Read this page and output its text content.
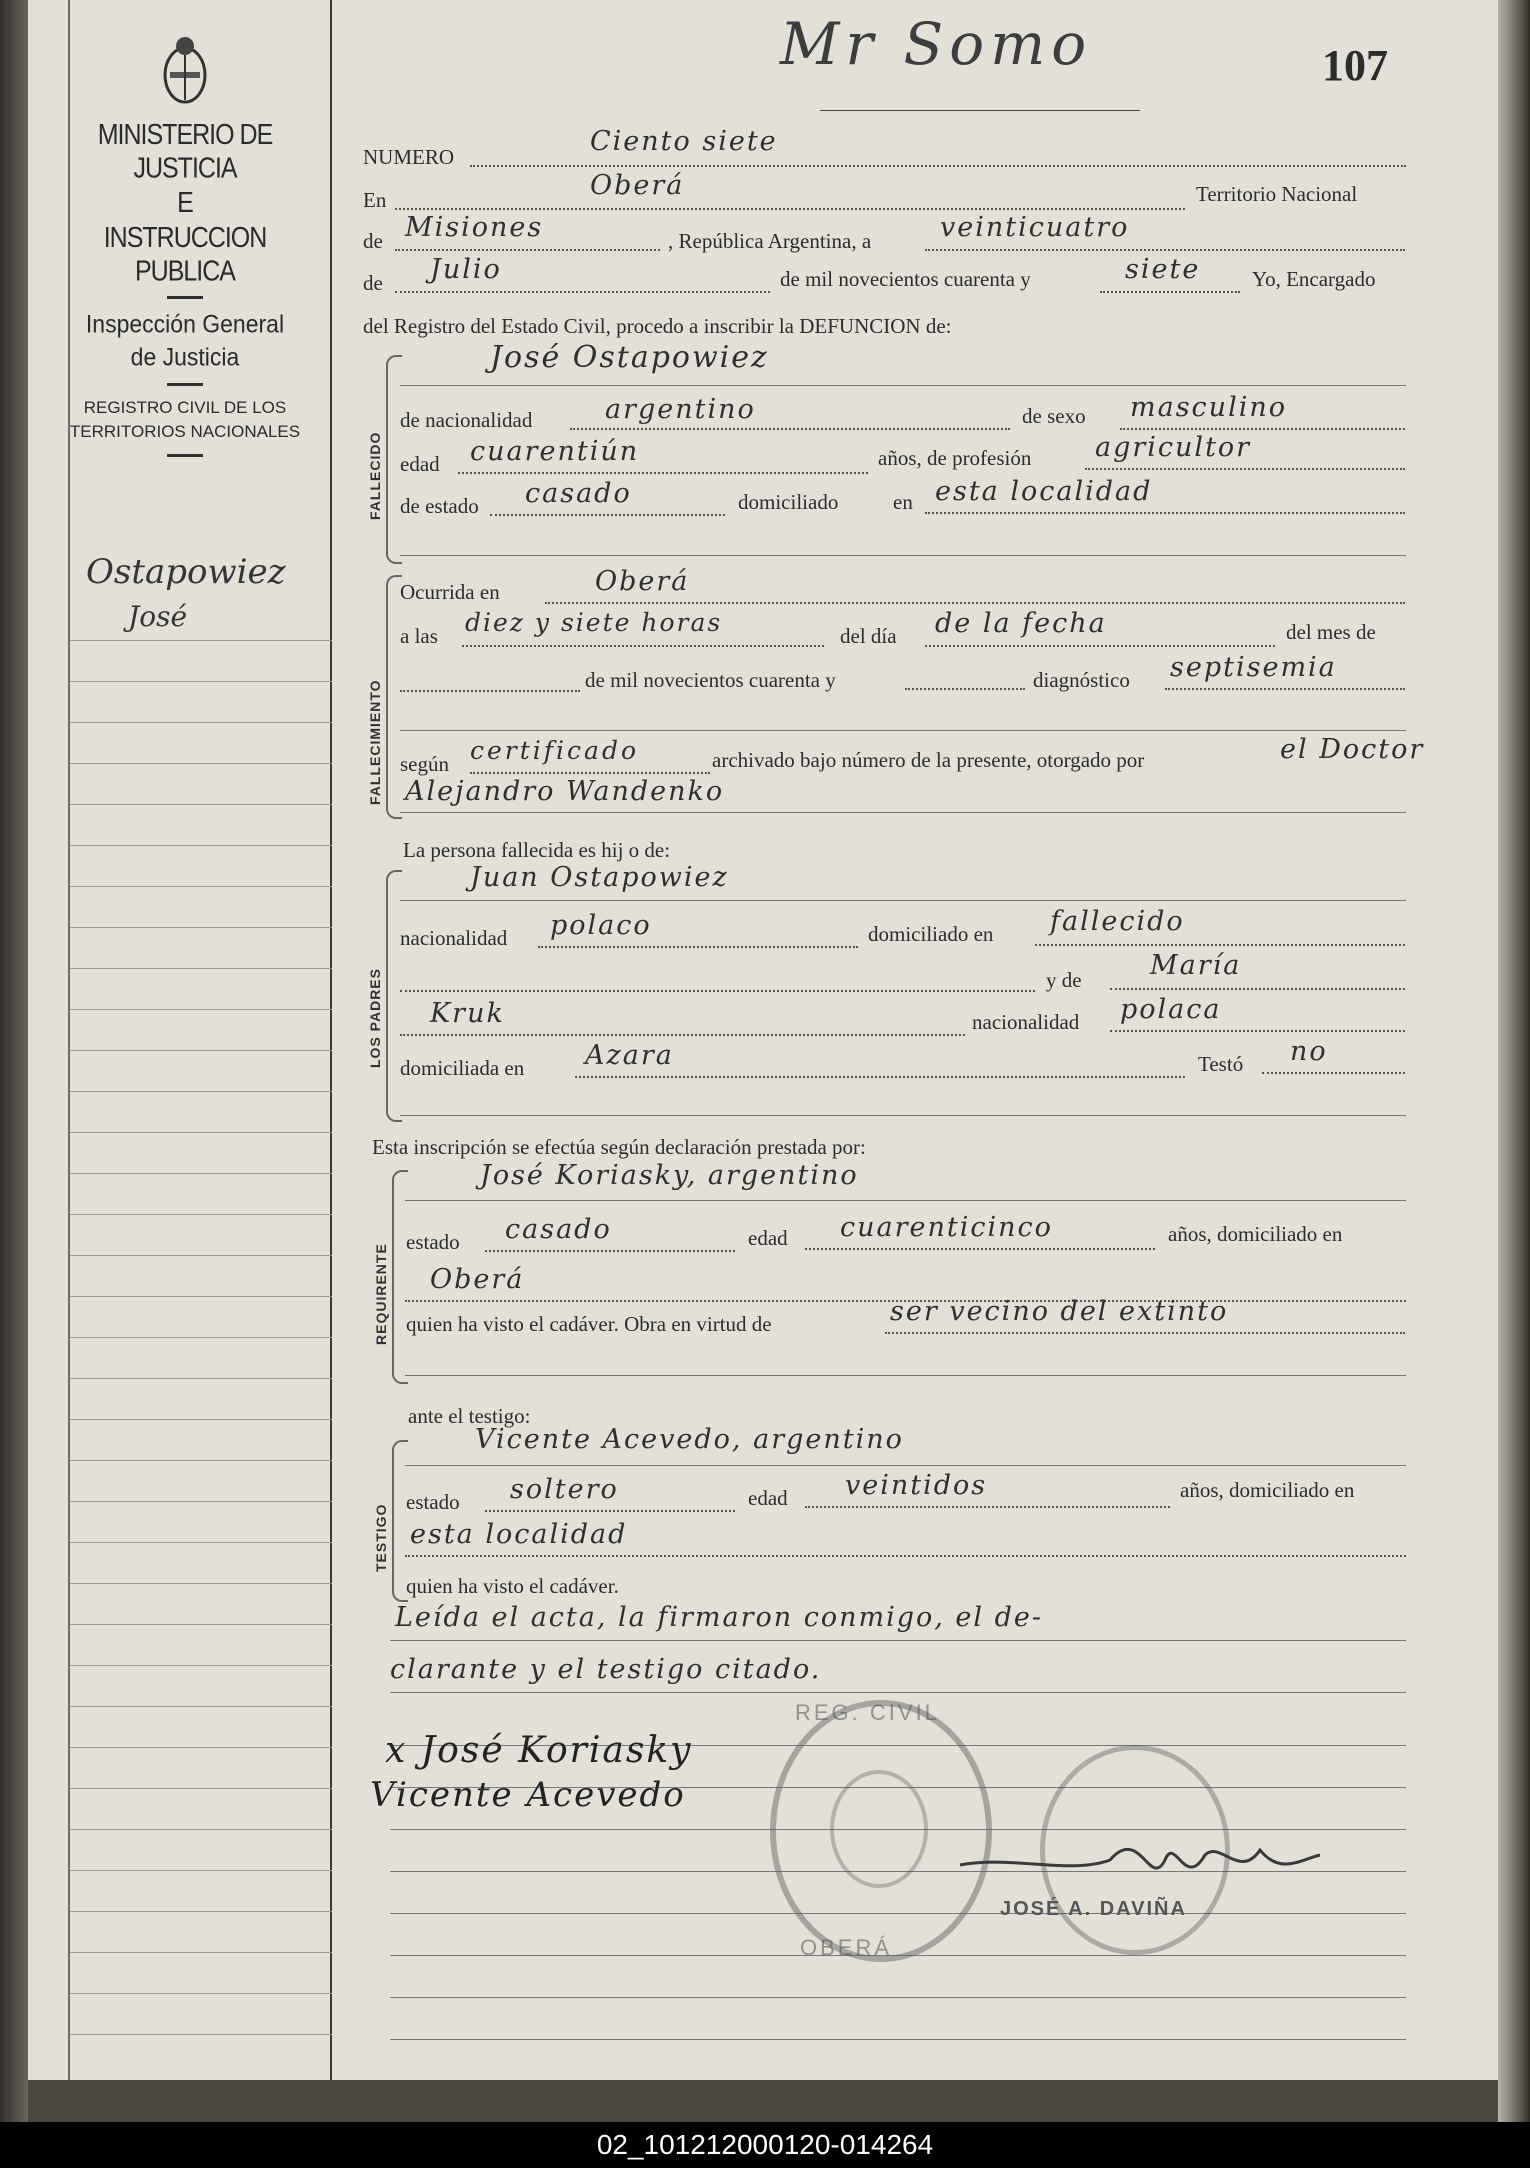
MINISTERIO DE JUSTICIA
E
INSTRUCCION PUBLICA
Inspección General
de Justicia
REGISTRO CIVIL DE LOS
TERRITORIOS NACIONALES
Ostapowiez
José
Mr Somo	107
NUMERO	Ciento siete
En	Oberá	Territorio Nacional
de Misiones	, República Argentina, a	veinticuatro
de Julio	de mil novecientos cuarenta y	siete Yo, Encargado
del Registro del Estado Civil, procedo a inscribir la DEFUNCION de:
FALLECIDO
José Ostapowiez
de nacionalidad	argentino	de sexo masculino
edad cuarentiún	años, de profesión agricultor
de estado casado	domiciliado	en esta localidad
FALLECIMIENTO
Ocurrida en	Oberá
a las diez y siete horas	del día de la fecha	del mes de
de mil novecientos cuarenta y	diagnóstico septisemia
según certificado	archivado bajo número de la presente, otorgado por	el Doctor
Alejandro Wandenko
La persona fallecida es hij o de:
LOS PADRES
Juan Ostapowiez
nacionalidad polaco	domiciliado en fallecido
y de	María
Kruk	nacionalidad polaca
domiciliada en Azara	Testó no
Esta inscripción se efectúa según declaración prestada por:
REQUIRENTE
José Koriasky, argentino
estado casado	edad cuarenticinco	años, domiciliado en
Oberá
quien ha visto el cadáver. Obra en virtud de	ser vecino del extinto
ante el testigo:
TESTIGO
Vicente Acevedo, argentino
estado soltero	edad veintidos	años, domiciliado en
esta localidad
quien ha visto el cadáver.
Leída el acta, la firmaron conmigo, el de-
clarante y el testigo citado.
REG. CIVIL
OBERÁ
x José Koriasky
Vicente Acevedo
JOSÉ A. DAVIÑA
02_101212000120-014264
